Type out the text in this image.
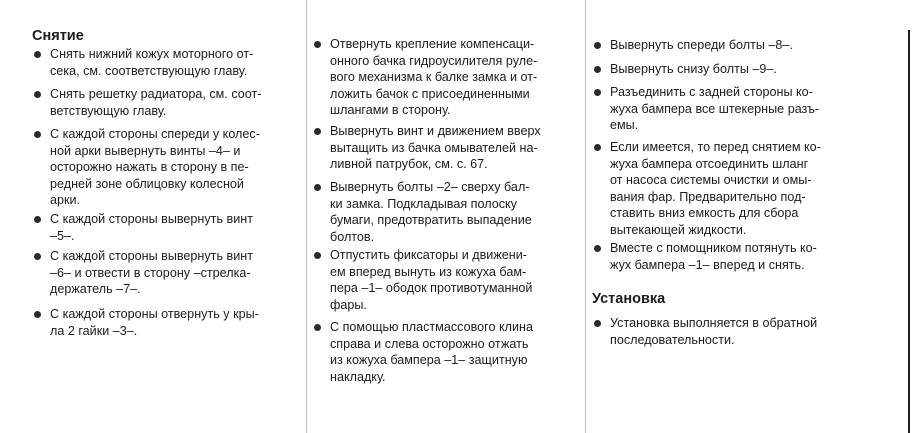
Снятие
Снять нижний кожух моторного от-
сека, см. соответствующую главу.
Снять решетку радиатора, см. соот-
ветствующую главу.
С каждой стороны спереди у колес-
ной арки вывернуть винты –4– и
осторожно нажать в сторону в пе-
редней зоне облицовку колесной
арки.
С каждой стороны вывернуть винт
–5–.
С каждой стороны вывернуть винт
–6– и отвести в сторону –стрелка-
держатель –7–.
С каждой стороны отвернуть у кры-
ла 2 гайки –3–.
Отвернуть крепление компенсаци-
онного бачка гидроусилителя руле-
вого механизма к балке замка и от-
ложить бачок с присоединенными
шлангами в сторону.
Вывернуть винт и движением вверх
вытащить из бачка омывателей на-
ливной патрубок, см. с. 67.
Вывернуть болты –2– сверху бал-
ки замка. Подкладывая полоску
бумаги, предотвратить выпадение
болтов.
Отпустить фиксаторы и движени-
ем вперед вынуть из кожуха бам-
пера –1– ободок противотуманной
фары.
С помощью пластмассового клина
справа и слева осторожно отжать
из кожуха бампера –1– защитную
накладку.
Установка
Вывернуть спереди болты –8–.
Вывернуть снизу болты –9–.
Разъединить с задней стороны ко-
жуха бампера все штекерные разъ-
емы.
Если имеется, то перед снятием ко-
жуха бампера отсоединить шланг
от насоса системы очистки и омы-
вания фар. Предварительно под-
ставить вниз емкость для сбора
вытекающей жидкости.
Вместе с помощником потянуть ко-
жух бампера –1– вперед и снять.
Установка выполняется в обратной
последовательности.
